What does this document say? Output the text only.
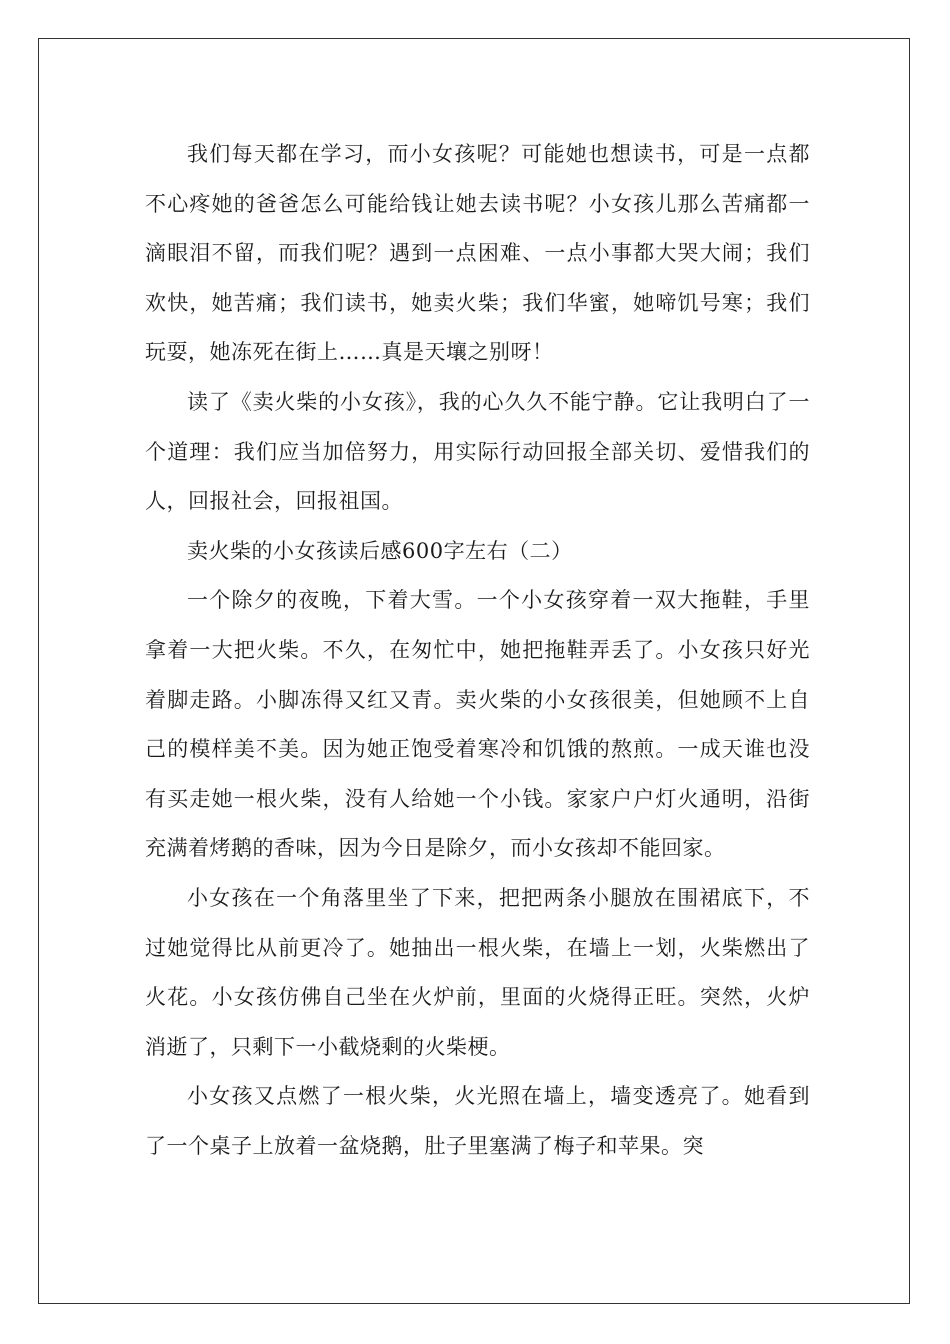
我们每天都在学习，而小女孩呢？可能她也想读书，可是一点都不心疼她的爸爸怎么可能给钱让她去读书呢？小女孩儿那么苦痛都一滴眼泪不留，而我们呢？遇到一点困难、一点小事都大哭大闹；我们欢快，她苦痛；我们读书，她卖火柴；我们华蜜，她啼饥号寒；我们玩耍，她冻死在街上……真是天壤之别呀！

读了《卖火柴的小女孩》，我的心久久不能宁静。它让我明白了一个道理：我们应当加倍努力，用实际行动回报全部关切、爱惜我们的人，回报社会，回报祖国。

卖火柴的小女孩读后感600字左右（二）

一个除夕的夜晚，下着大雪。一个小女孩穿着一双大拖鞋，手里拿着一大把火柴。不久，在匆忙中，她把拖鞋弄丢了。小女孩只好光着脚走路。小脚冻得又红又青。卖火柴的小女孩很美，但她顾不上自己的模样美不美。因为她正饱受着寒冷和饥饿的熬煎。一成天谁也没有买走她一根火柴，没有人给她一个小钱。家家户户灯火通明，沿街充满着烤鹅的香味，因为今日是除夕，而小女孩却不能回家。

小女孩在一个角落里坐了下来，把把两条小腿放在围裙底下，不过她觉得比从前更冷了。她抽出一根火柴，在墙上一划，火柴燃出了火花。小女孩仿佛自己坐在火炉前，里面的火烧得正旺。突然，火炉消逝了，只剩下一小截烧剩的火柴梗。

小女孩又点燃了一根火柴，火光照在墙上，墙变透亮了。她看到了一个桌子上放着一盆烧鹅，肚子里塞满了梅子和苹果。突
